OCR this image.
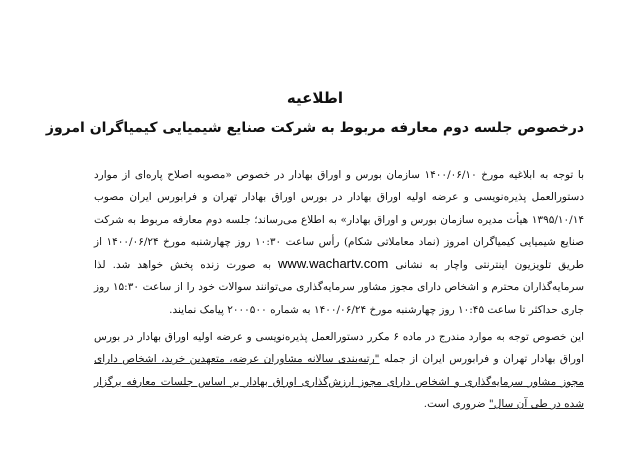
اطلاعیه
درخصوص جلسه دوم معارفه مربوط به شرکت صنایع شیمیایی کیمیاگران امروز

با توجه به ابلاغیه مورخ ۱۴۰۰/۰۶/۱۰ سازمان بورس و اوراق بهادار در خصوص «مصوبه اصلاح پاره‌ای از موارد دستورالعمل پذیره‌نویسی و عرضه اولیه اوراق بهادار در بورس اوراق بهادار تهران و فرابورس ایران مصوب ۱۳۹۵/۱۰/۱۴ هیأت مدیره سازمان بورس و اوراق بهادار» به اطلاع می‌رساند؛ جلسه دوم معارفه مربوط به شرکت صنایع شیمیایی کیمیاگران امروز (نماد معاملاتی شکام) رأس ساعت ۱۰:۳۰ روز چهارشنبه مورخ ۱۴۰۰/۰۶/۲۴ از طریق تلویزیون اینترنتی واچار به نشانی www.wachartv.com به صورت زنده پخش خواهد شد. لذا سرمایه‌گذاران محترم و اشخاص دارای مجوز مشاور سرمایه‌گذاری می‌توانند سوالات خود را از ساعت ۱۵:۳۰ روز جاری حداکثر تا ساعت ۱۰:۴۵ روز چهارشنبه مورخ ۱۴۰۰/۰۶/۲۴ به شماره ۲۰۰۰۵۰۰ پیامک نمایند.

این خصوص توجه به موارد مندرج در ماده ۶ مکرر دستورالعمل پذیره‌نویسی و عرضه اولیه اوراق بهادار در بورس اوراق بهادار تهران و فرابورس ایران از جمله "رتبه‌بندی سالانه مشاوران عرضه، متعهدین خرید، اشخاص دارای مجوز مشاور سرمایه‌گذاری و اشخاص دارای مجوز ارزش‌گذاری اوراق بهادار بر اساس جلسات معارفه برگزار شده در طی آن سال" ضروری است.
